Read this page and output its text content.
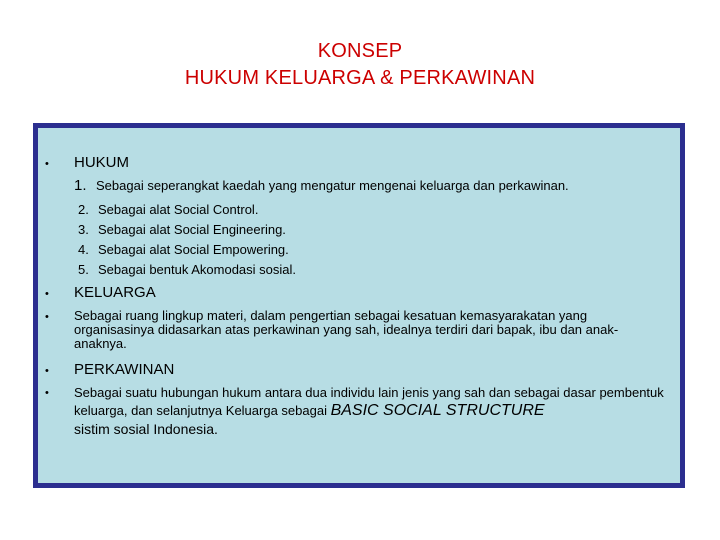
KONSEP
HUKUM KELUARGA & PERKAWINAN
• HUKUM
1. Sebagai seperangkat kaedah yang mengatur mengenai keluarga dan perkawinan.
2. Sebagai alat Social Control.
3. Sebagai alat Social Engineering.
4. Sebagai alat Social Empowering.
5. Sebagai bentuk Akomodasi sosial.
• KELUARGA
• Sebagai ruang lingkup materi, dalam pengertian sebagai kesatuan kemasyarakatan yang organisasinya didasarkan atas perkawinan yang sah, idealnya terdiri dari bapak, ibu dan anak-anaknya.
• PERKAWINAN
• Sebagai suatu hubungan hukum antara dua individu lain jenis yang sah dan sebagai dasar pembentuk keluarga, dan selanjutnya Keluarga sebagai BASIC SOCIAL STRUCTURE
sistim sosial Indonesia.
